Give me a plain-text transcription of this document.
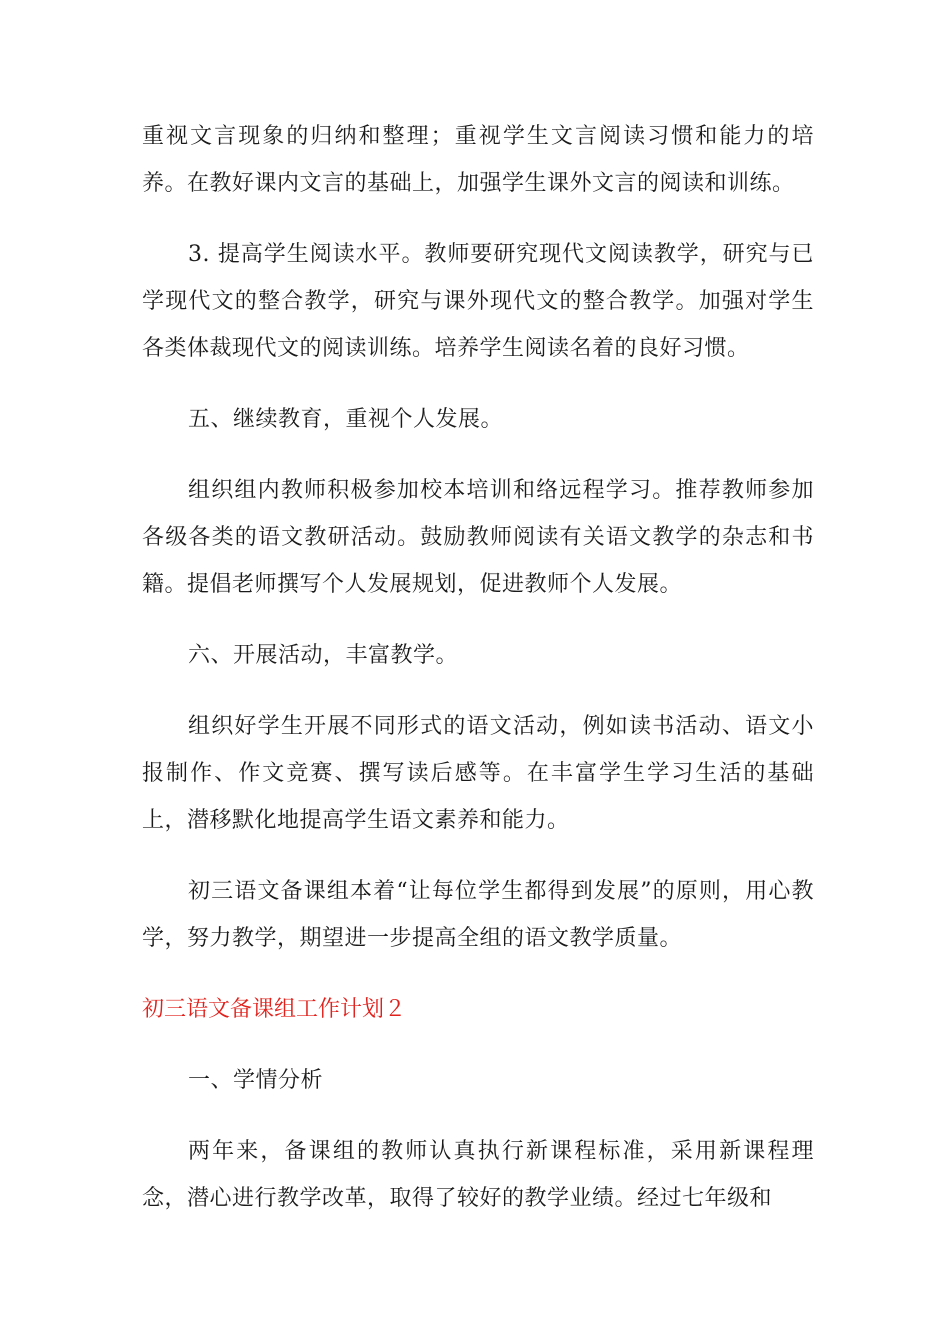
重视文言现象的归纳和整理；重视学生文言阅读习惯和能力的培养。在教好课内文言的基础上，加强学生课外文言的阅读和训练。

3. 提高学生阅读水平。教师要研究现代文阅读教学，研究与已学现代文的整合教学，研究与课外现代文的整合教学。加强对学生各类体裁现代文的阅读训练。培养学生阅读名着的良好习惯。

五、继续教育，重视个人发展。

组织组内教师积极参加校本培训和络远程学习。推荐教师参加各级各类的语文教研活动。鼓励教师阅读有关语文教学的杂志和书籍。提倡老师撰写个人发展规划，促进教师个人发展。

六、开展活动，丰富教学。

组织好学生开展不同形式的语文活动，例如读书活动、语文小报制作、作文竞赛、撰写读后感等。在丰富学生学习生活的基础上，潜移默化地提高学生语文素养和能力。

初三语文备课组本着“让每位学生都得到发展”的原则，用心教学，努力教学，期望进一步提高全组的语文教学质量。

初三语文备课组工作计划２

一、学情分析

两年来，备课组的教师认真执行新课程标准，采用新课程理念，潜心进行教学改革，取得了较好的教学业绩。经过七年级和
